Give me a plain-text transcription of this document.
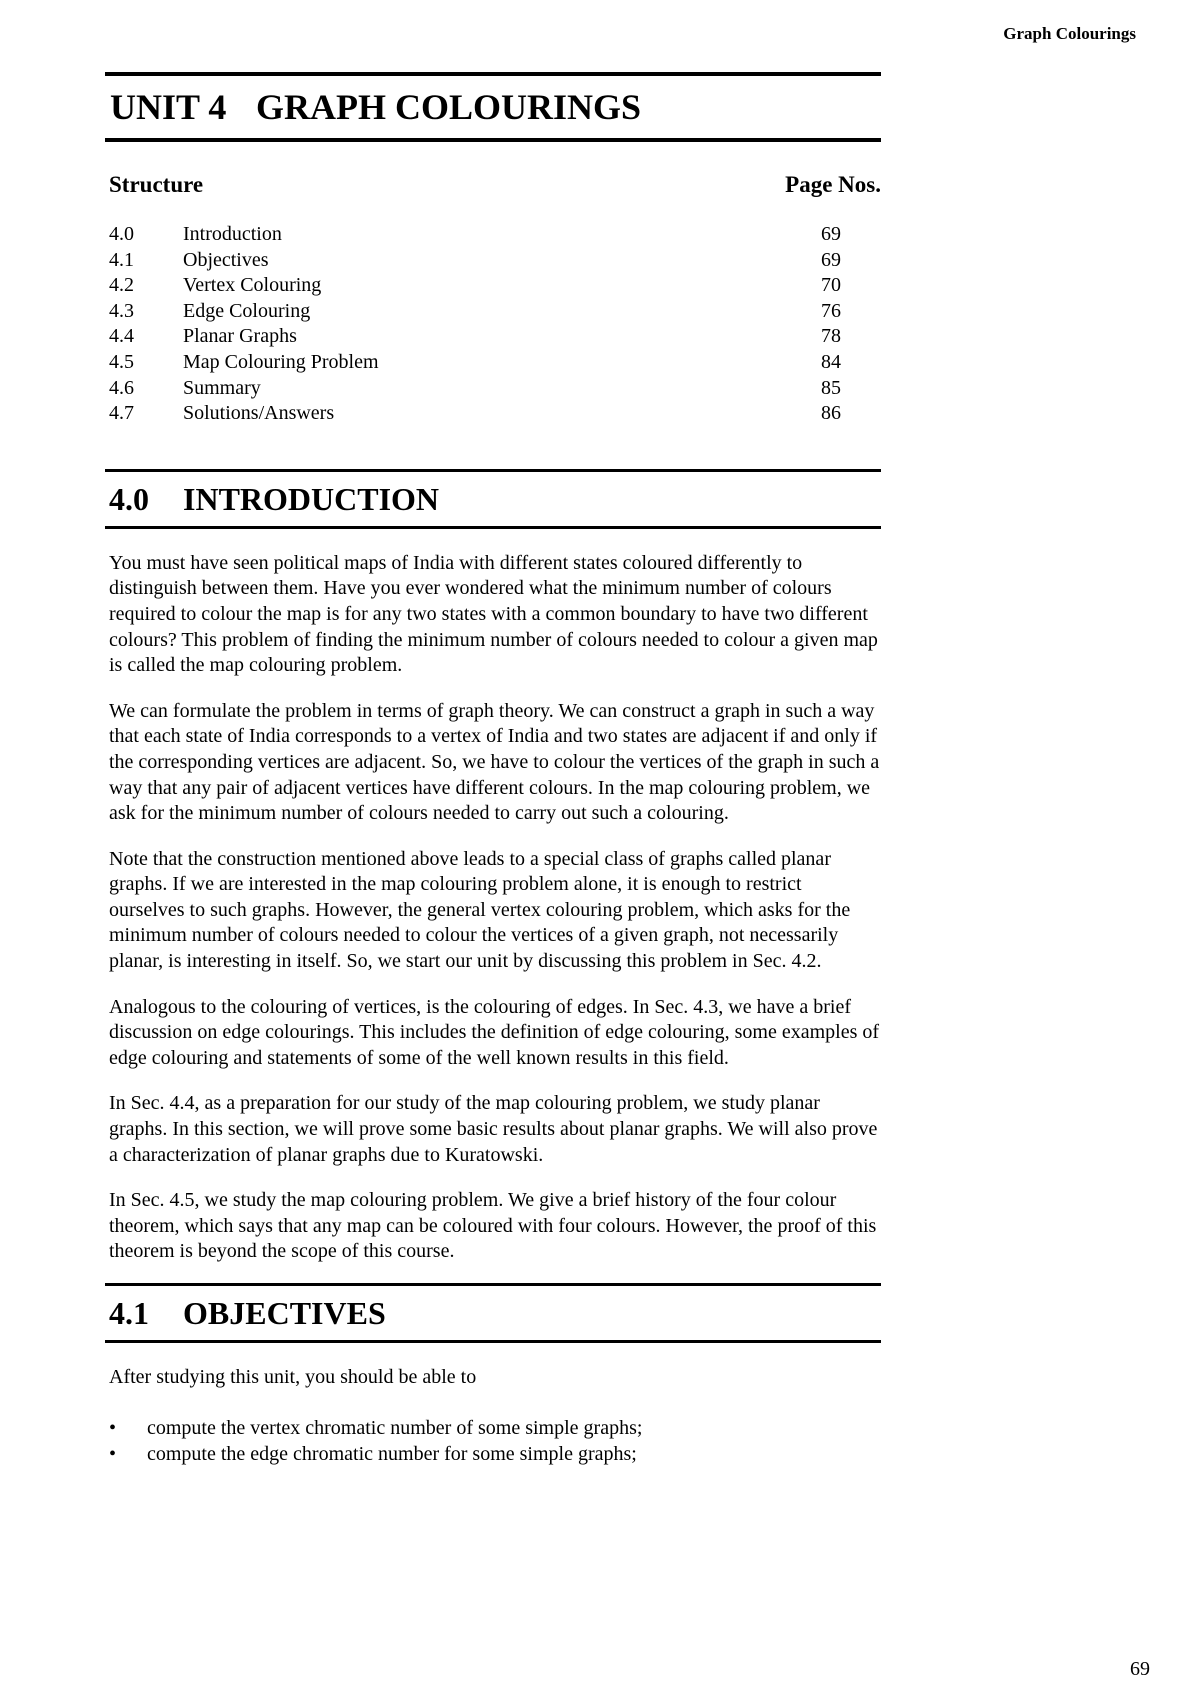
Graph Colourings
UNIT 4 GRAPH COLOURINGS
Structure	Page Nos.
4.0	Introduction	69
4.1	Objectives	69
4.2	Vertex Colouring	70
4.3	Edge Colouring	76
4.4	Planar Graphs	78
4.5	Map Colouring Problem	84
4.6	Summary	85
4.7	Solutions/Answers	86
4.0 INTRODUCTION

You must have seen political maps of India with different states coloured differently to distinguish between them. Have you ever wondered what the minimum number of colours required to colour the map is for any two states with a common boundary to have two different colours? This problem of finding the minimum number of colours needed to colour a given map is called the map colouring problem.

We can formulate the problem in terms of graph theory. We can construct a graph in such a way that each state of India corresponds to a vertex of India and two states are adjacent if and only if the corresponding vertices are adjacent. So, we have to colour the vertices of the graph in such a way that any pair of adjacent vertices have different colours. In the map colouring problem, we ask for the minimum number of colours needed to carry out such a colouring.

Note that the construction mentioned above leads to a special class of graphs called planar graphs. If we are interested in the map colouring problem alone, it is enough to restrict ourselves to such graphs. However, the general vertex colouring problem, which asks for the minimum number of colours needed to colour the vertices of a given graph, not necessarily planar, is interesting in itself. So, we start our unit by discussing this problem in Sec. 4.2.

Analogous to the colouring of vertices, is the colouring of edges. In Sec. 4.3, we have a brief discussion on edge colourings. This includes the definition of edge colouring, some examples of edge colouring and statements of some of the well known results in this field.

In Sec. 4.4, as a preparation for our study of the map colouring problem, we study planar graphs. In this section, we will prove some basic results about planar graphs. We will also prove a characterization of planar graphs due to Kuratowski.

In Sec. 4.5, we study the map colouring problem. We give a brief history of the four colour theorem, which says that any map can be coloured with four colours. However, the proof of this theorem is beyond the scope of this course.

4.1 OBJECTIVES

After studying this unit, you should be able to

•	compute the vertex chromatic number of some simple graphs;
•	compute the edge chromatic number for some simple graphs;
69
